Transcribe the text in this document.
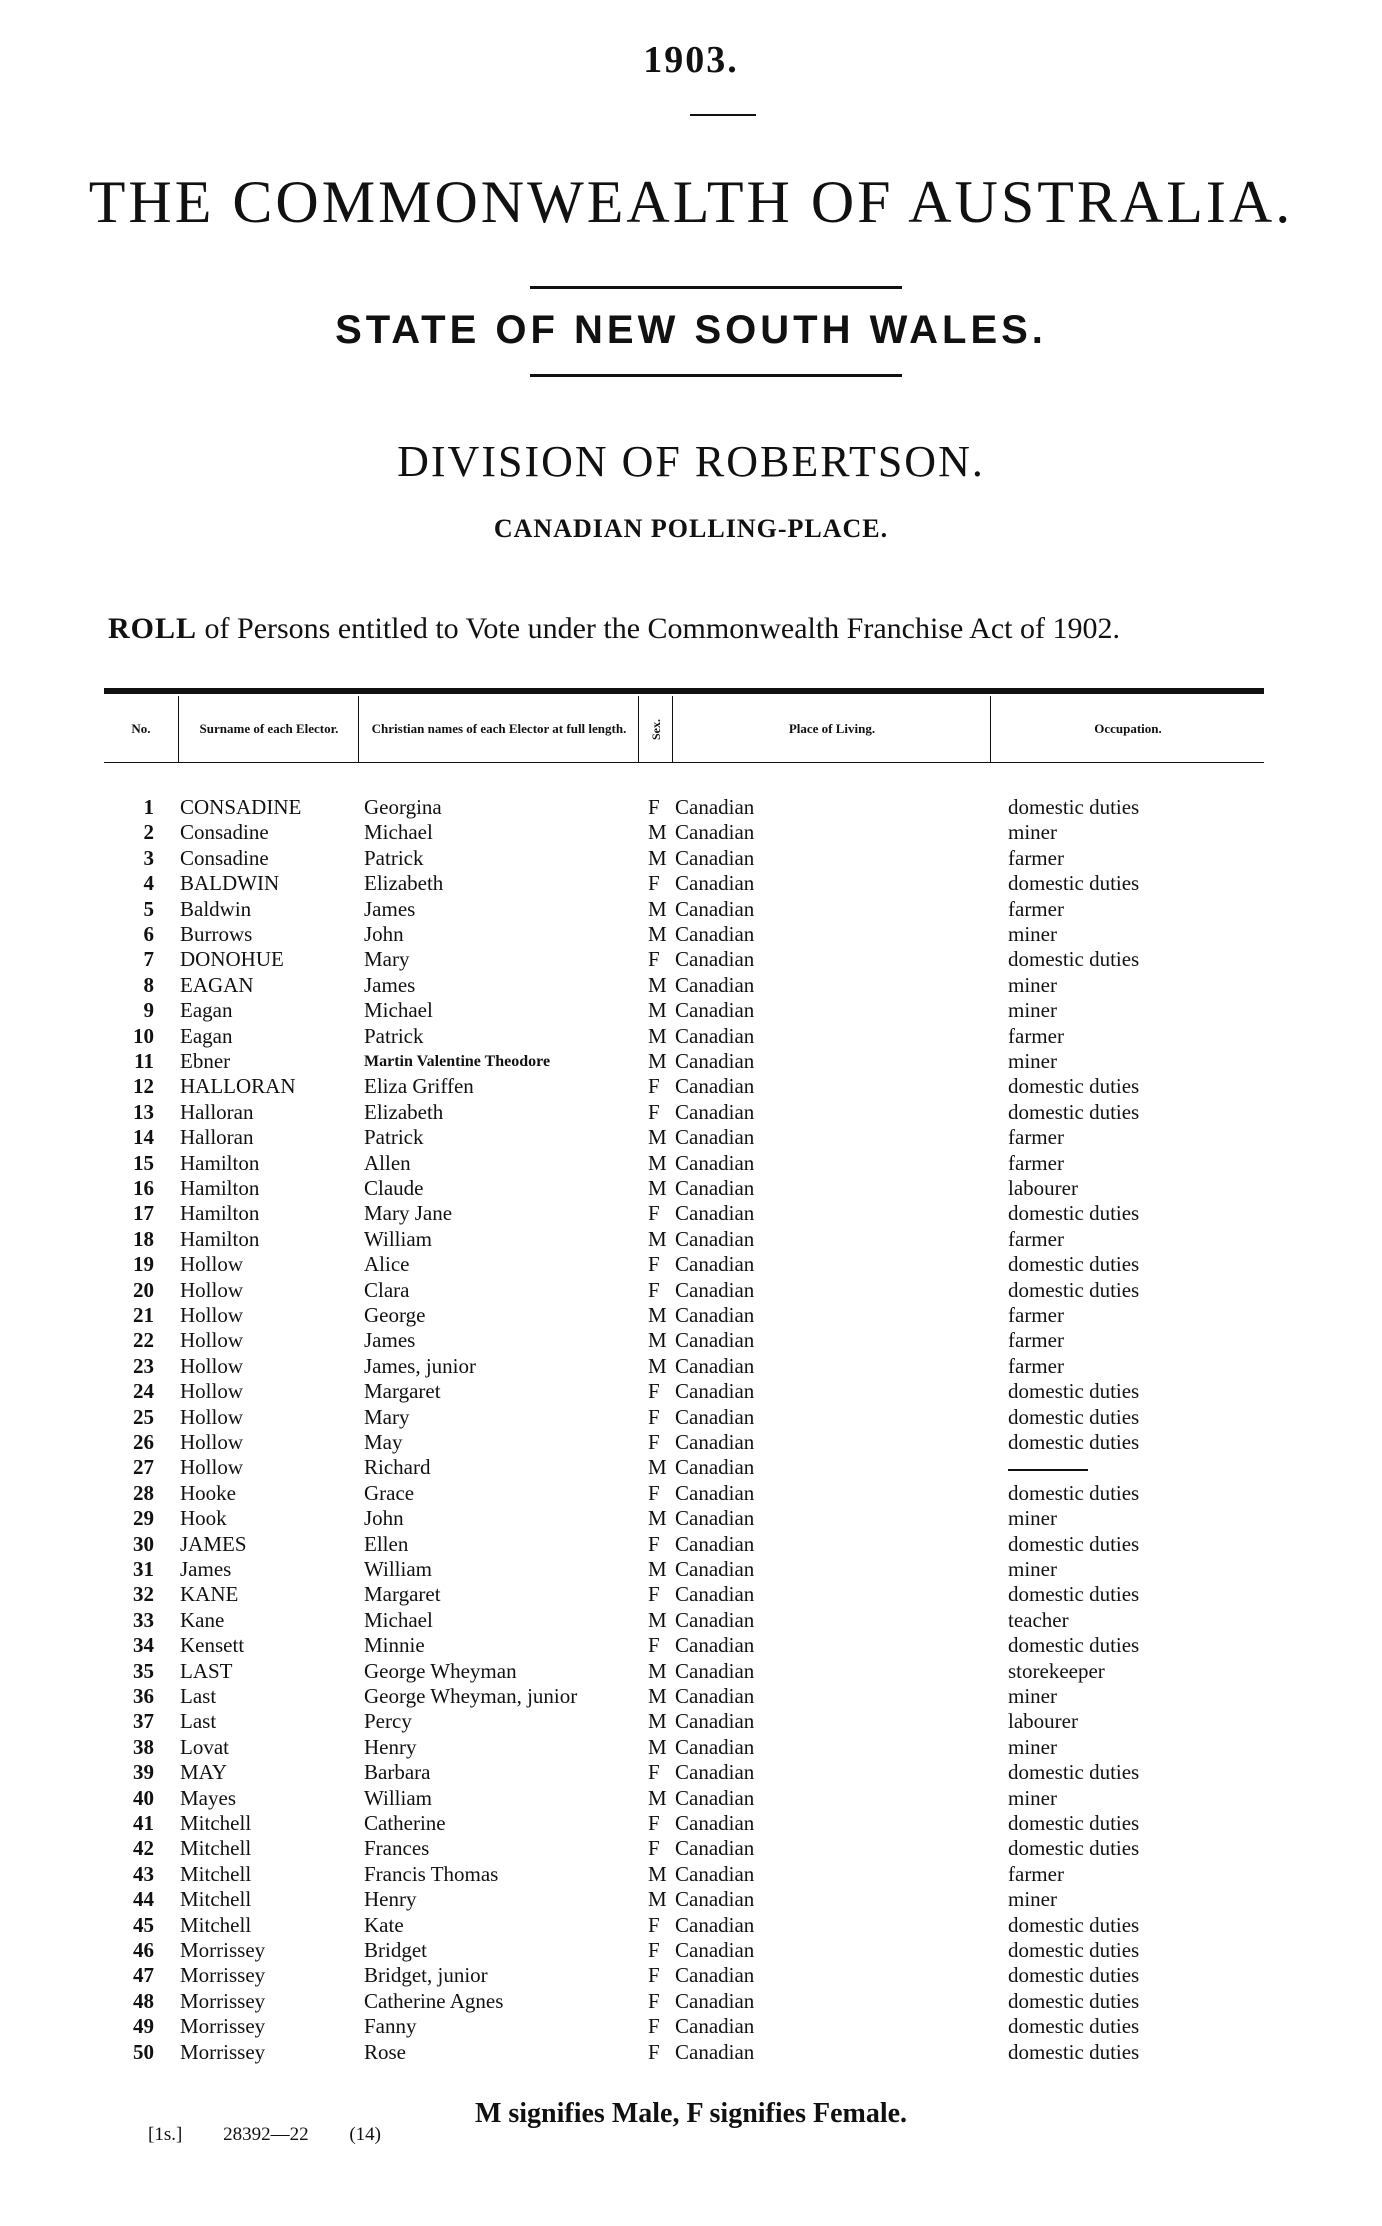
1903.
THE COMMONWEALTH OF AUSTRALIA.
STATE OF NEW SOUTH WALES.
DIVISION OF ROBERTSON.
CANADIAN POLLING-PLACE.
ROLL of Persons entitled to Vote under the Commonwealth Franchise Act of 1902.
No.	Surname of each Elector.	Christian names of each Elector at full length.	Sex.	Place of Living.	Occupation.
1 CONSADINE	Georgina	F Canadian	domestic duties
2 Consadine	Michael	M Canadian	miner
3 Consadine	Patrick	M Canadian	farmer
4 BALDWIN	Elizabeth	F Canadian	domestic duties
5 Baldwin	James	M Canadian	farmer
6 Burrows	John	M Canadian	miner
7 DONOHUE	Mary	F Canadian	domestic duties
8 EAGAN	James	M Canadian	miner
9 Eagan	Michael	M Canadian	miner
10 Eagan	Patrick	M Canadian	farmer
11 Ebner	Martin Valentine Theodore	M Canadian	miner
12 HALLORAN	Eliza Griffen	F Canadian	domestic duties
13 Halloran	Elizabeth	F Canadian	domestic duties
14 Halloran	Patrick	M Canadian	farmer
15 Hamilton	Allen	M Canadian	farmer
16 Hamilton	Claude	M Canadian	labourer
17 Hamilton	Mary Jane	F Canadian	domestic duties
18 Hamilton	William	M Canadian	farmer
19 Hollow	Alice	F Canadian	domestic duties
20 Hollow	Clara	F Canadian	domestic duties
21 Hollow	George	M Canadian	farmer
22 Hollow	James	M Canadian	farmer
23 Hollow	James, junior	M Canadian	farmer
24 Hollow	Margaret	F Canadian	domestic duties
25 Hollow	Mary	F Canadian	domestic duties
26 Hollow	May	F Canadian	domestic duties
27 Hollow	Richard	M Canadian
28 Hooke	Grace	F Canadian	domestic duties
29 Hook	John	M Canadian	miner
30 JAMES	Ellen	F Canadian	domestic duties
31 James	William	M Canadian	miner
32 KANE	Margaret	F Canadian	domestic duties
33 Kane	Michael	M Canadian	teacher
34 Kensett	Minnie	F Canadian	domestic duties
35 LAST	George Wheyman	M Canadian	storekeeper
36 Last	George Wheyman, junior	M Canadian	miner
37 Last	Percy	M Canadian	labourer
38 Lovat	Henry	M Canadian	miner
39 MAY	Barbara	F Canadian	domestic duties
40 Mayes	William	M Canadian	miner
41 Mitchell	Catherine	F Canadian	domestic duties
42 Mitchell	Frances	F Canadian	domestic duties
43 Mitchell	Francis Thomas	M Canadian	farmer
44 Mitchell	Henry	M Canadian	miner
45 Mitchell	Kate	F Canadian	domestic duties
46 Morrissey	Bridget	F Canadian	domestic duties
47 Morrissey	Bridget, junior	F Canadian	domestic duties
48 Morrissey	Catherine Agnes	F Canadian	domestic duties
49 Morrissey	Fanny	F Canadian	domestic duties
50 Morrissey	Rose	F Canadian	domestic duties
M signifies Male, F signifies Female.
[1s.] 28392—22 (14)
